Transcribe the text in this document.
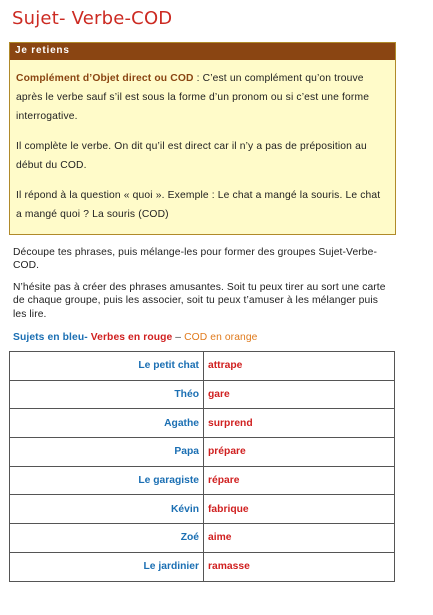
Sujet- Verbe-COD
Je retiens

Complément d’Objet direct ou COD : C’est un complément qu’on trouve après le verbe sauf s’il est sous la forme d’un pronom ou si c’est une forme interrogative.

Il complète le verbe. On dit qu’il est direct car il n’y a pas de préposition au début du COD.

Il répond à la question « quoi ». Exemple : Le chat a mangé la souris. Le chat a mangé quoi ? La souris (COD)

Découpe tes phrases, puis mélange-les pour former des groupes Sujet-Verbe-COD.

N’hésite pas à créer des phrases amusantes. Soit tu peux tirer au sort une carte de chaque groupe, puis les associer, soit tu peux t’amuser à les mélanger puis les lire.

Sujets en bleu- Verbes en rouge – COD en orange
Le petit chat	attrape
Théo	gare
Agathe	surprend
Papa	prépare
Le garagiste	répare
Kévin	fabrique
Zoé	aime
Le jardinier	ramasse
